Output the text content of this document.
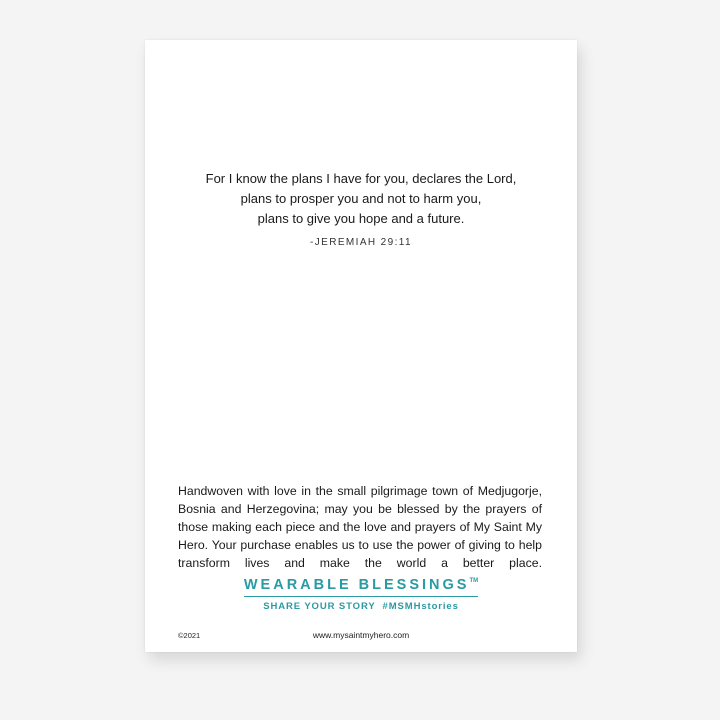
For I know the plans I have for you, declares the Lord,
plans to prosper you and not to harm you,
plans to give you hope and a future.
-JEREMIAH 29:11
Handwoven with love in the small pilgrimage town of Medjugorje, Bosnia and Herzegovina; may you be blessed by the prayers of those making each piece and the love and prayers of My Saint My Hero. Your purchase enables us to use the power of giving to help transform lives and make the world a better place.
WEARABLE BLESSINGS™
SHARE YOUR STORY  #MSMHstories
©2021	www.mysaintmyhero.com
